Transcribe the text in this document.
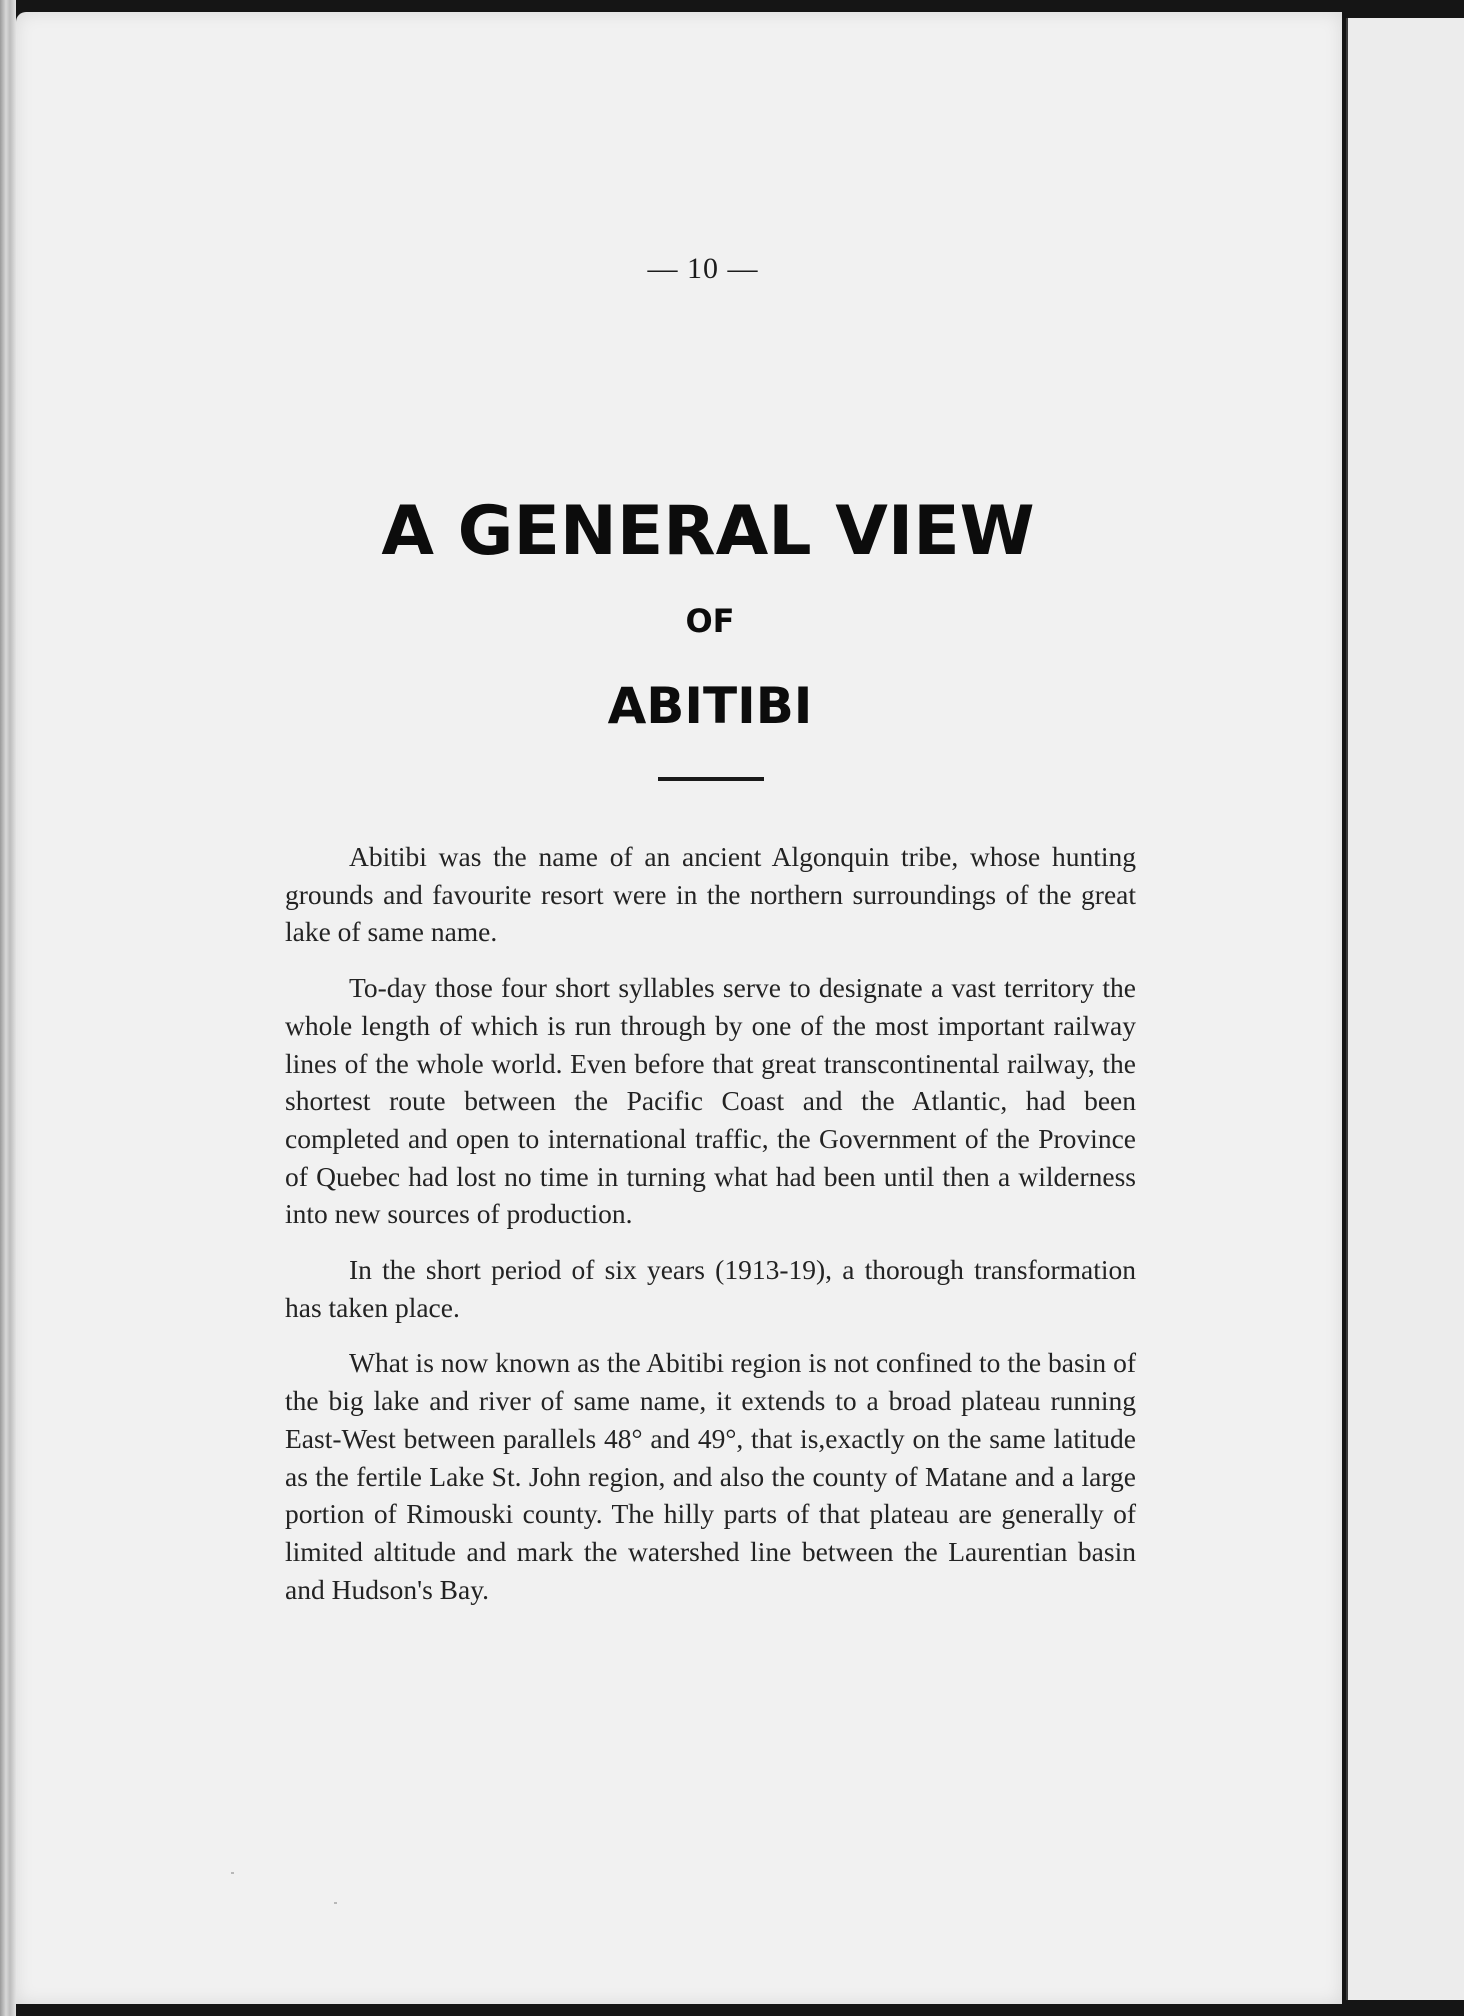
— 10 —
A GENERAL VIEW
OF
ABITIBI

Abitibi was the name of an ancient Algonquin tribe, whose hunting grounds and favourite resort were in the northern surroundings of the great lake of same name.

To-day those four short syllables serve to designate a vast territory the whole length of which is run through by one of the most important railway lines of the whole world. Even before that great transcontinental railway, the shortest route between the Pacific Coast and the Atlantic, had been completed and open to international traffic, the Government of the Province of Quebec had lost no time in turning what had been until then a wilderness into new sources of production.

In the short period of six years (1913-19), a thorough transformation has taken place.

What is now known as the Abitibi region is not confined to the basin of the big lake and river of same name, it extends to a broad plateau running East-West between parallels 48° and 49°, that is,exactly on the same latitude as the fertile Lake St. John region, and also the county of Matane and a large portion of Rimouski county. The hilly parts of that plateau are generally of limited altitude and mark the watershed line between the Laurentian basin and Hudson's Bay.
